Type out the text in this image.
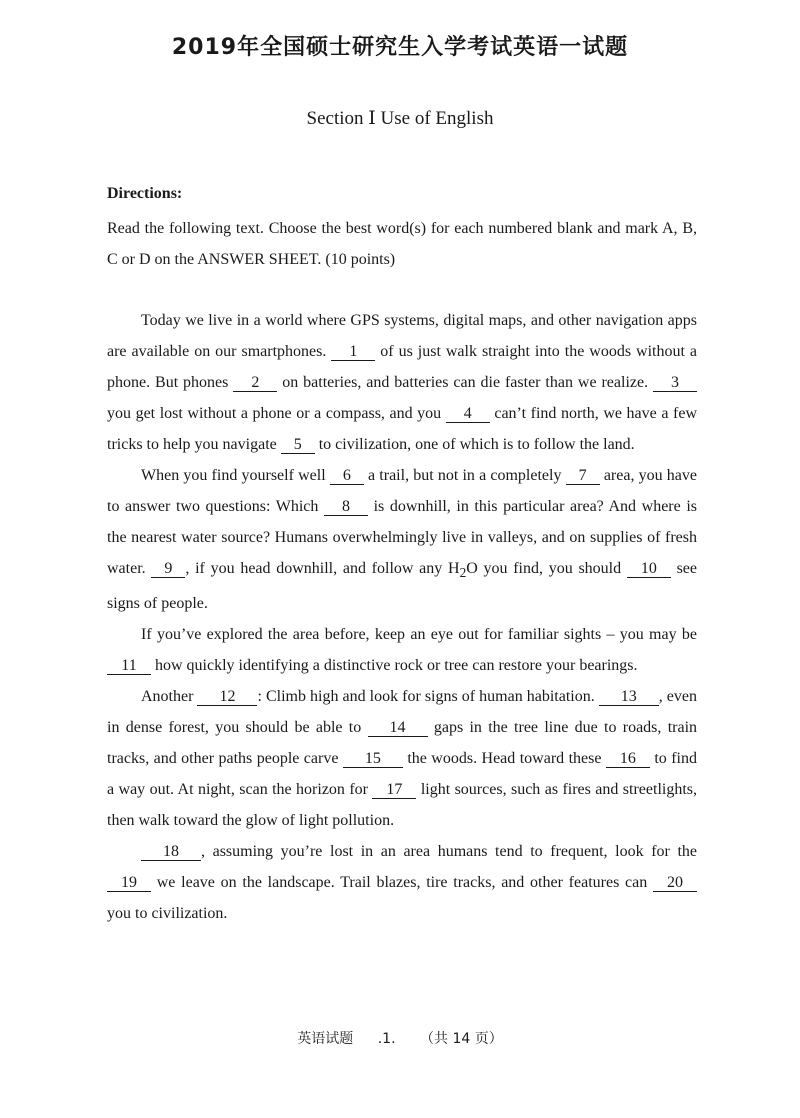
2019年全国硕士研究生入学考试英语一试题
Section Ⅰ Use of English
Directions:
Read the following text. Choose the best word(s) for each numbered blank and mark A, B, C or D on the ANSWER SHEET. (10 points)

Today we live in a world where GPS systems, digital maps, and other navigation apps are available on our smartphones. 1 of us just walk straight into the woods without a phone. But phones 2 on batteries, and batteries can die faster than we realize. 3 you get lost without a phone or a compass, and you 4 can’t find north, we have a few tricks to help you navigate 5 to civilization, one of which is to follow the land.

When you find yourself well 6 a trail, but not in a completely 7 area, you have to answer two questions: Which 8 is downhill, in this particular area? And where is the nearest water source? Humans overwhelmingly live in valleys, and on supplies of fresh water. 9 , if you head downhill, and follow any $H_2O$ you find, you should 10 see signs of people.

If you’ve explored the area before, keep an eye out for familiar sights – you may be 11 how quickly identifying a distinctive rock or tree can restore your bearings.

Another 12 : Climb high and look for signs of human habitation. 13 , even in dense forest, you should be able to 14 gaps in the tree line due to roads, train tracks, and other paths people carve 15 the woods. Head toward these 16 to find a way out. At night, scan the horizon for 17 light sources, such as fires and streetlights, then walk toward the glow of light pollution.

18 , assuming you’re lost in an area humans tend to frequent, look for the 19 we leave on the landscape. Trail blazes, tire tracks, and other features can 20 you to civilization.

英语试题 .1. （共 14 页）
